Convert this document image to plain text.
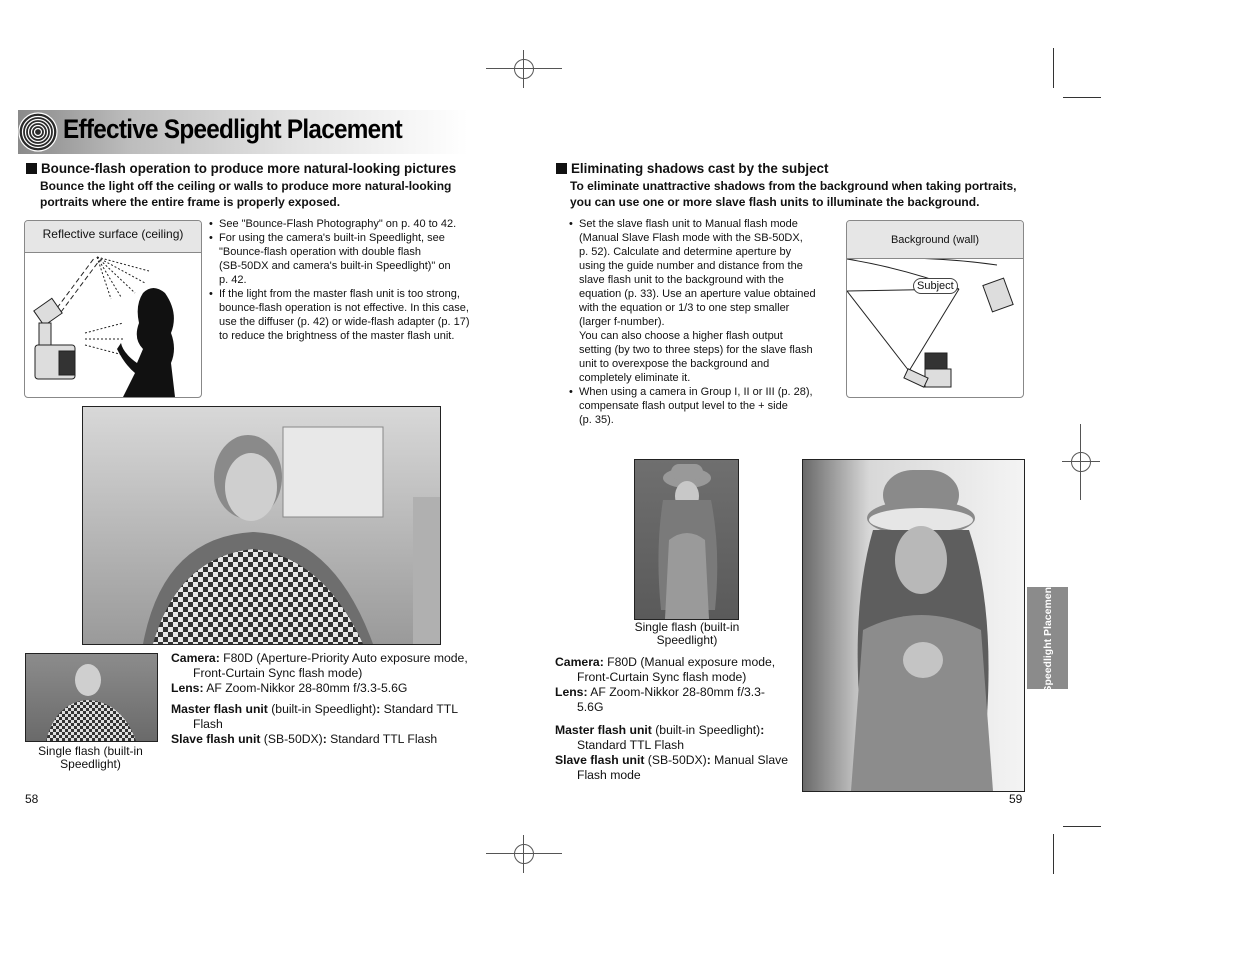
Effective Speedlight Placement
Bounce-flash operation to produce more natural-looking pictures
Bounce the light off the ceiling or walls to produce more natural-looking
portraits where the entire frame is properly exposed.
Reflective surface (ceiling)
• See "Bounce-Flash Photography" on p. 40 to 42.
• For using the camera's built-in Speedlight, see
"Bounce-flash operation with double flash
(SB-50DX and camera's built-in Speedlight)" on
p. 42.
• If the light from the master flash unit is too strong,
bounce-flash operation is not effective. In this case,
use the diffuser (p. 42) or wide-flash adapter (p. 17)
to reduce the brightness of the master flash unit.
Single flash (built-in
Speedlight)

Camera: F80D (Aperture-Priority Auto exposure mode,
Front-Curtain Sync flash mode)

Lens: AF Zoom-Nikkor 28-80mm f/3.3-5.6G

Master flash unit (built-in Speedlight): Standard TTL
Flash

Slave flash unit (SB-50DX): Standard TTL Flash

58
Eliminating shadows cast by the subject
To eliminate unattractive shadows from the background when taking portraits,
you can use one or more slave flash units to illuminate the background.
• Set the slave flash unit to Manual flash mode
(Manual Slave Flash mode with the SB-50DX,
p. 52). Calculate and determine aperture by
using the guide number and distance from the
slave flash unit to the background with the
equation (p. 33). Use an aperture value obtained
with the equation or 1/3 to one step smaller
(larger f-number).
You can also choose a higher flash output
setting (by two to three steps) for the slave flash
unit to overexpose the background and
completely eliminate it.
• When using a camera in Group I, II or III (p. 28),
compensate flash output level to the + side
(p. 35).
Background (wall)
Subject
Single flash (built-in
Speedlight)

Camera: F80D (Manual exposure mode,
Front-Curtain Sync flash mode)

Lens: AF Zoom-Nikkor 28-80mm f/3.3-
5.6G

Master flash unit (built-in Speedlight):
Standard TTL Flash

Slave flash unit (SB-50DX): Manual Slave
Flash mode

59
Speedlight Placement
